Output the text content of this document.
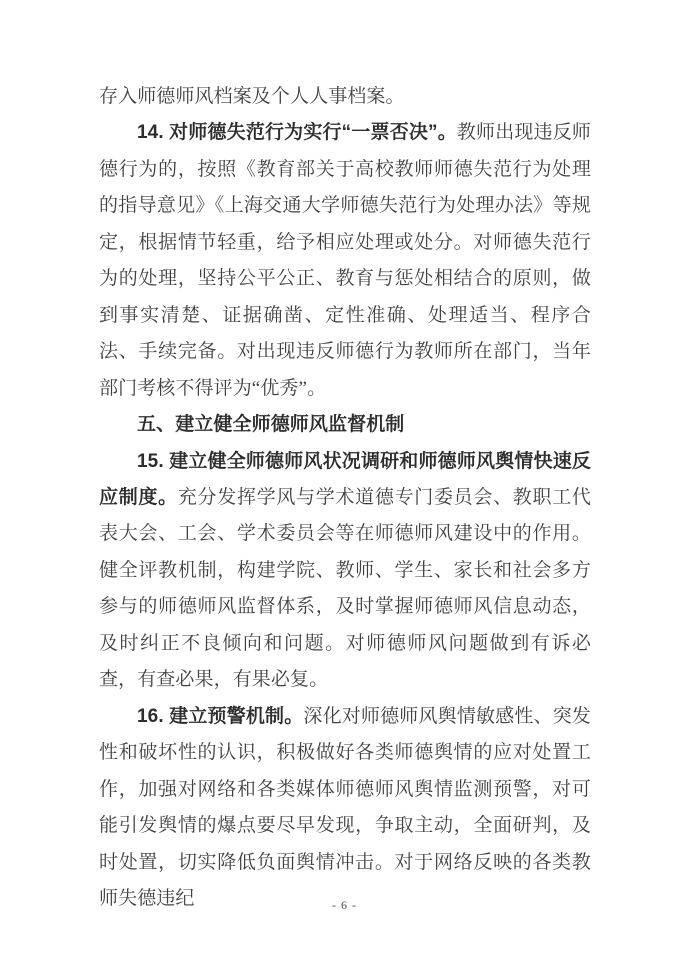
存入师德师风档案及个人人事档案。

14. 对师德失范行为实行“一票否决”。教师出现违反师德行为的，按照《教育部关于高校教师师德失范行为处理的指导意见》《上海交通大学师德失范行为处理办法》等规定，根据情节轻重，给予相应处理或处分。对师德失范行为的处理，坚持公平公正、教育与惩处相结合的原则，做到事实清楚、证据确凿、定性准确、处理适当、程序合法、手续完备。对出现违反师德行为教师所在部门，当年部门考核不得评为“优秀”。

五、建立健全师德师风监督机制

15. 建立健全师德师风状况调研和师德师风舆情快速反应制度。充分发挥学风与学术道德专门委员会、教职工代表大会、工会、学术委员会等在师德师风建设中的作用。健全评教机制，构建学院、教师、学生、家长和社会多方参与的师德师风监督体系，及时掌握师德师风信息动态，及时纠正不良倾向和问题。对师德师风问题做到有诉必查，有查必果，有果必复。

16. 建立预警机制。深化对师德师风舆情敏感性、突发性和破坏性的认识，积极做好各类师德舆情的应对处置工作，加强对网络和各类媒体师德师风舆情监测预警，对可能引发舆情的爆点要尽早发现，争取主动，全面研判，及时处置，切实降低负面舆情冲击。对于网络反映的各类教师失德违纪	- 6 -
